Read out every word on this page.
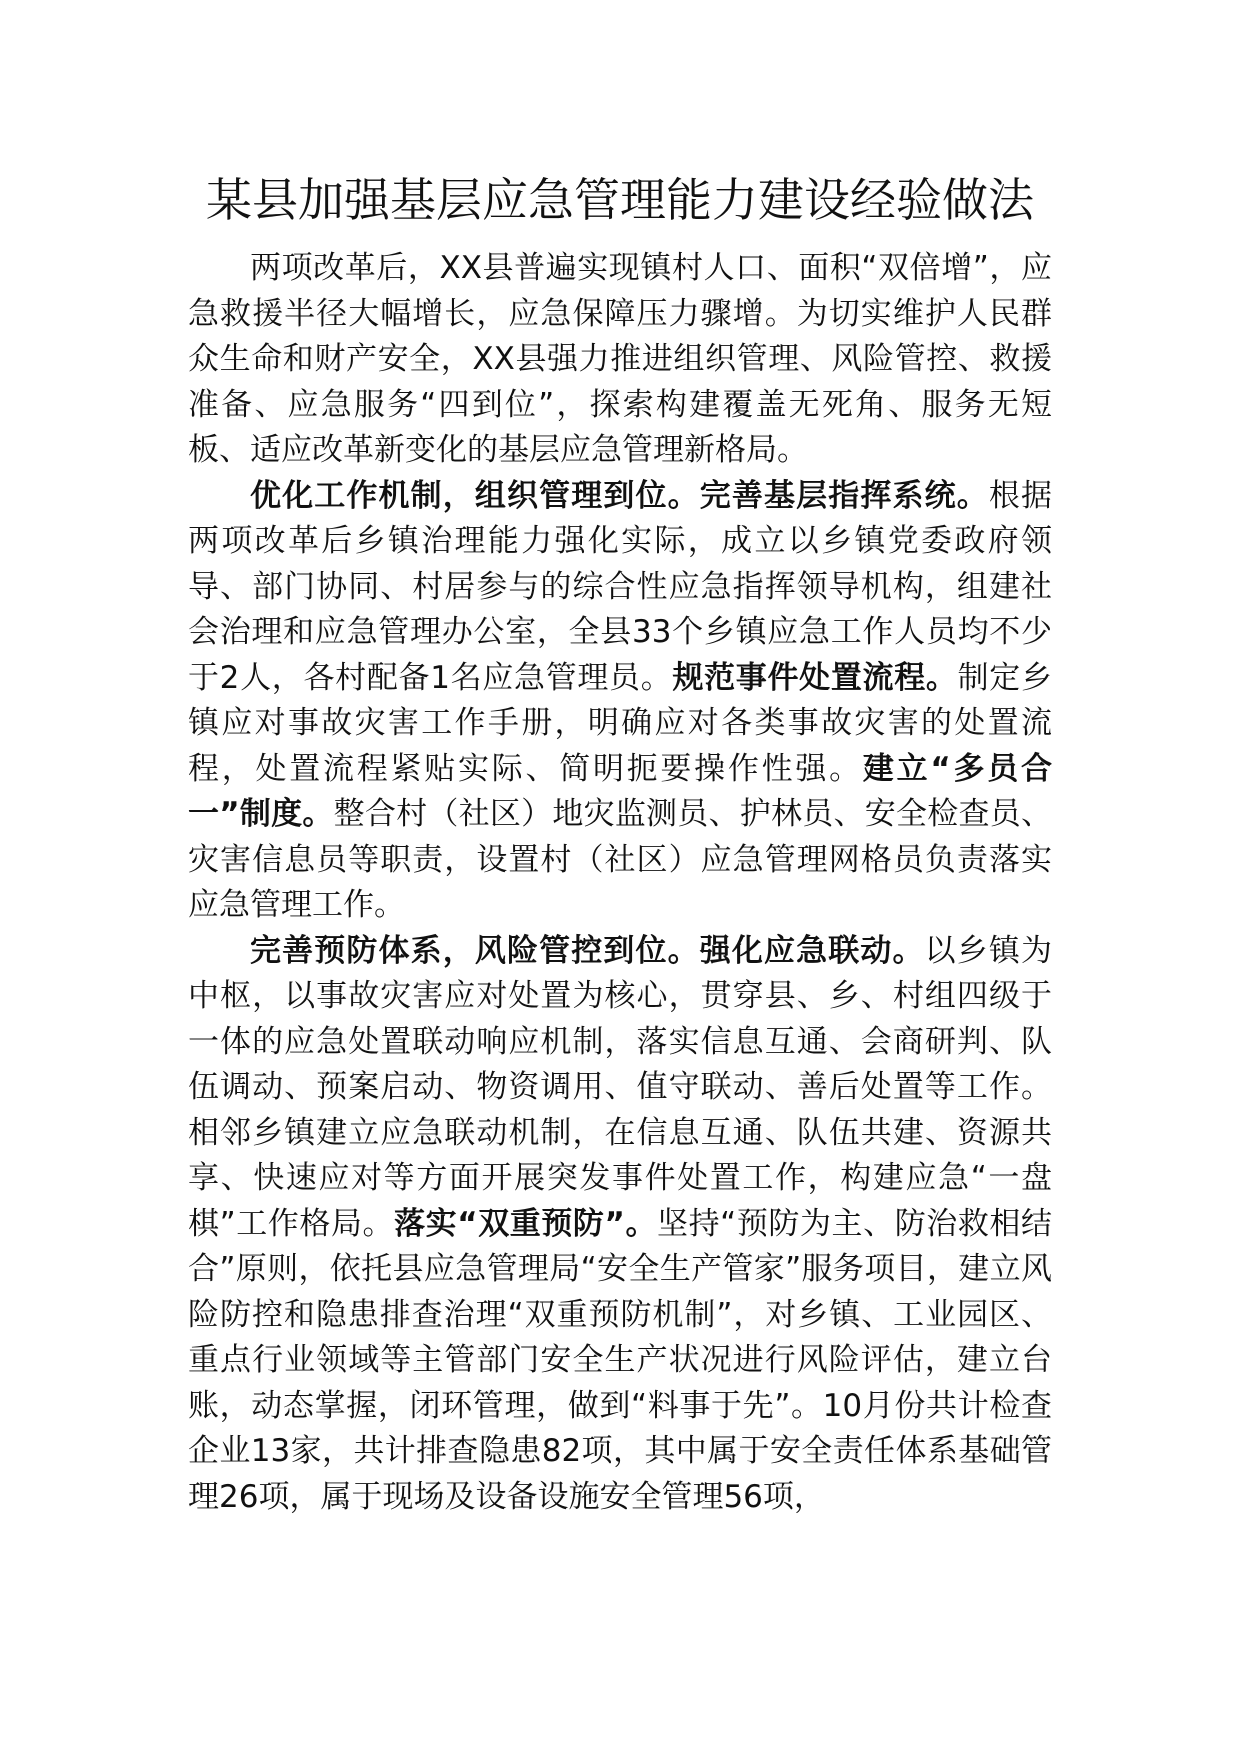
某县加强基层应急管理能力建设经验做法

两项改革后，XX县普遍实现镇村人口、面积“双倍增”，应急救援半径大幅增长，应急保障压力骤增。为切实维护人民群众生命和财产安全，XX县强力推进组织管理、风险管控、救援准备、应急服务“四到位”，探索构建覆盖无死角、服务无短板、适应改革新变化的基层应急管理新格局。

优化工作机制，组织管理到位。完善基层指挥系统。根据两项改革后乡镇治理能力强化实际，成立以乡镇党委政府领导、部门协同、村居参与的综合性应急指挥领导机构，组建社会治理和应急管理办公室，全县33个乡镇应急工作人员均不少于2人，各村配备1名应急管理员。规范事件处置流程。制定乡镇应对事故灾害工作手册，明确应对各类事故灾害的处置流程，处置流程紧贴实际、简明扼要操作性强。建立“多员合一”制度。整合村（社区）地灾监测员、护林员、安全检查员、灾害信息员等职责，设置村（社区）应急管理网格员负责落实应急管理工作。

完善预防体系，风险管控到位。强化应急联动。以乡镇为中枢，以事故灾害应对处置为核心，贯穿县、乡、村组四级于一体的应急处置联动响应机制，落实信息互通、会商研判、队伍调动、预案启动、物资调用、值守联动、善后处置等工作。相邻乡镇建立应急联动机制，在信息互通、队伍共建、资源共享、快速应对等方面开展突发事件处置工作，构建应急“一盘棋”工作格局。落实“双重预防”。坚持“预防为主、防治救相结合”原则，依托县应急管理局“安全生产管家”服务项目，建立风险防控和隐患排查治理“双重预防机制”，对乡镇、工业园区、重点行业领域等主管部门安全生产状况进行风险评估，建立台账，动态掌握，闭环管理，做到“料事于先”。10月份共计检查企业13家，共计排查隐患82项，其中属于安全责任体系基础管理26项，属于现场及设备设施安全管理56项，
